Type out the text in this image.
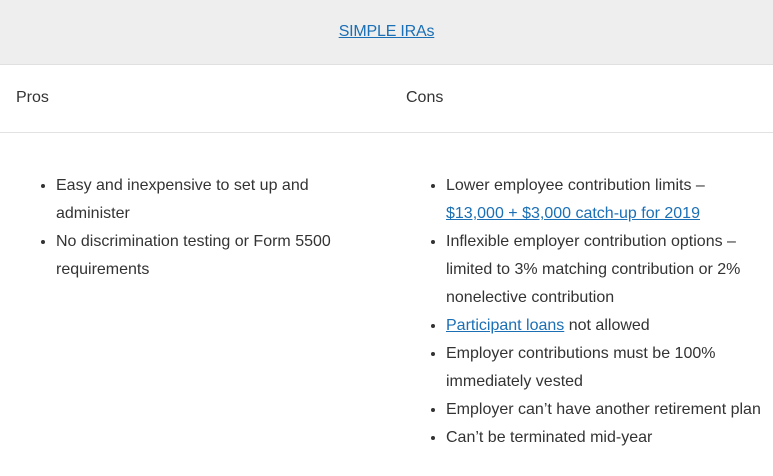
SIMPLE IRAs
Pros	Cons
• Easy and inexpensive to set up and administer
• No discrimination testing or Form 5500 requirements
• Lower employee contribution limits – $13,000 + $3,000 catch-up for 2019
• Inflexible employer contribution options – limited to 3% matching contribution or 2% nonelective contribution
• Participant loans not allowed
• Employer contributions must be 100% immediately vested
• Employer can’t have another retirement plan
• Can’t be terminated mid-year
